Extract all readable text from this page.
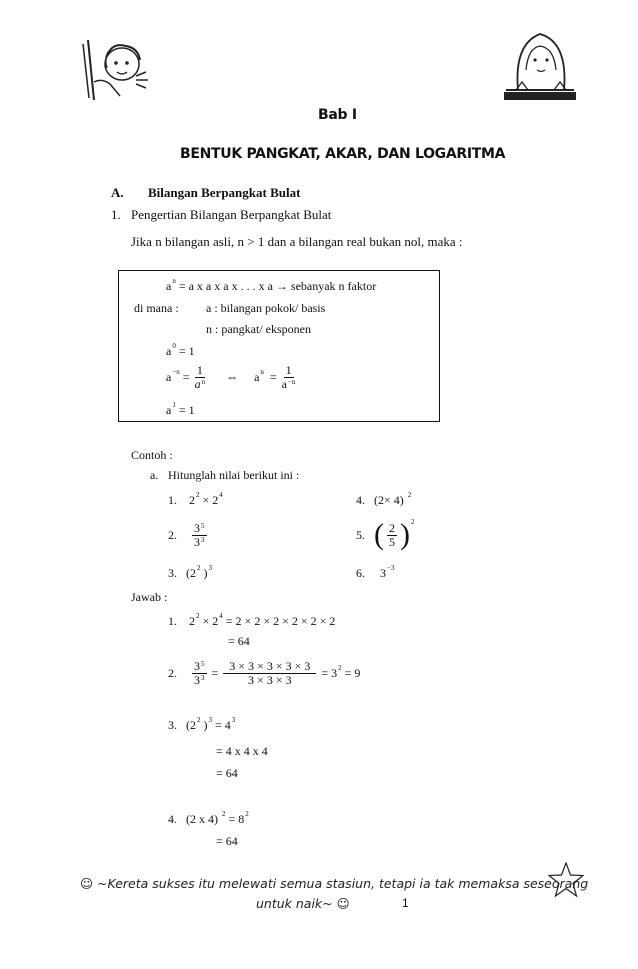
Bab I
BENTUK PANGKAT, AKAR, DAN LOGARITMA
A. Bilangan Berpangkat Bulat
1. Pengertian Bilangan Berpangkat Bulat
Jika n bilangan asli, n > 1 dan a bilangan real bukan nol, maka :
$a^n = a$ x a x a x . . . x a → sebanyak n faktor
di mana : a : bilangan pokok/ basis
n : pangkat/ eksponen
$a^0 = 1$
$a^{-n} = \frac{1}{a^n}$ ⇔ $a^n = \frac{1}{a^{-n}}$
$a^1 = 1$
Contoh :
a. Hitunglah nilai berikut ini :
1.    $2^2 \times 2^4$	4.   (2× 4) $^2$
2. $\frac{3^5}{3^3}$	5. ( $\frac{2}{5} )^2$
3.   ($2^2$ )$^3$	6.     $3^{-3}$
Jawab :
1.    $2^2 \times 2^4 = 2 \times 2 \times 2 \times 2 \times 2 \times 2$
= 64
2. $\frac{3^5}{3^3} = \frac{3 \times 3 \times 3 \times 3 \times 3}{3 \times 3 \times 3} = 3^2 = 9$
3.   ($2^2$ )$^3 = 4^3$
= 4 x 4 x 4
= 64
4.   (2 x 4) $^2 = 8^2$
= 64
☺ ~Kereta sukses itu melewati semua stasiun, tetapi ia tak memaksa seseorang
untuk naik~ ☺	1
